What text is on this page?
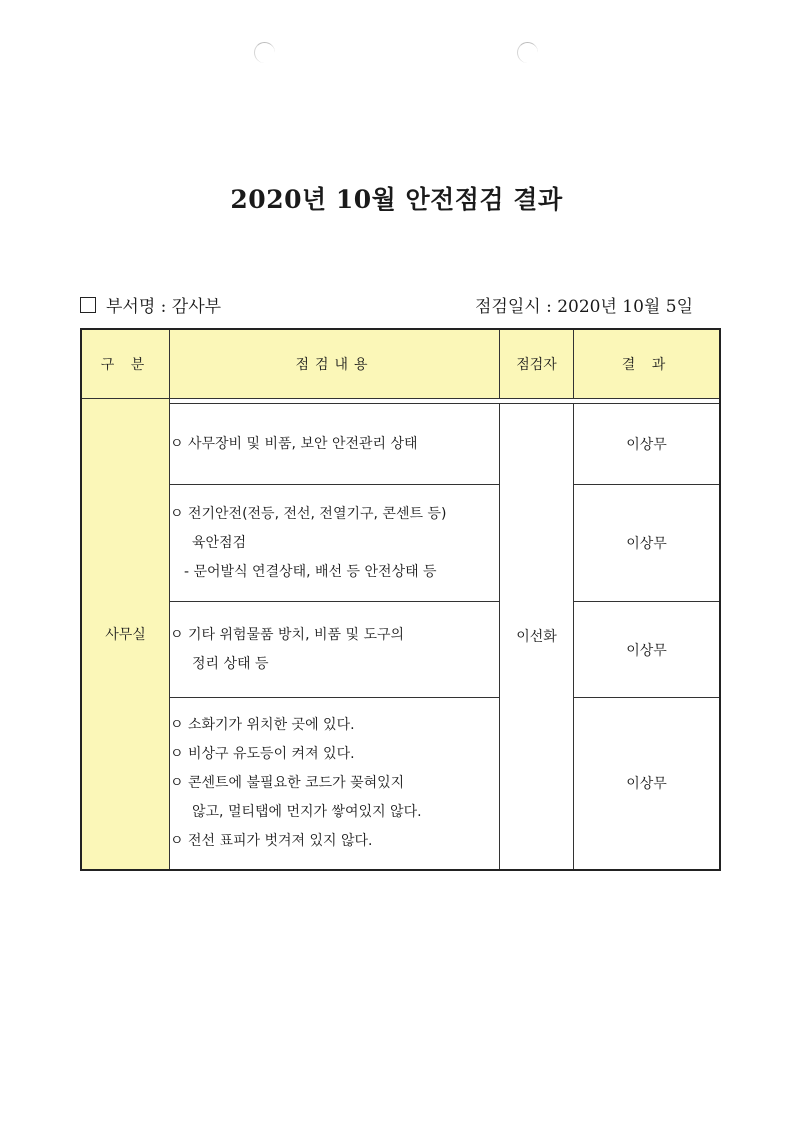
2020년 10월 안전점검 결과
부서명 : 감사부	점검일시 : 2020년 10월 5일
구 분	점검내용	점검자	결 과
사무실			

	ㅇ 사무장비 및 비품, 보안 안전관리 상태	이선화	이상무

	ㅇ 전기안전(전등, 전선, 전열기구, 콘센트 등)
육안점검
- 문어발식 연결상태, 배선 등 안전상태 등		이상무

	ㅇ 기타 위험물품 방치, 비품 및 도구의
정리 상태 등		이상무

	ㅇ 소화기가 위치한 곳에 있다.
ㅇ 비상구 유도등이 켜져 있다.
ㅇ 콘센트에 불필요한 코드가 꽂혀있지
않고, 멀티탭에 먼지가 쌓여있지 않다.
ㅇ 전선 표피가 벗겨져 있지 않다.		이상무
